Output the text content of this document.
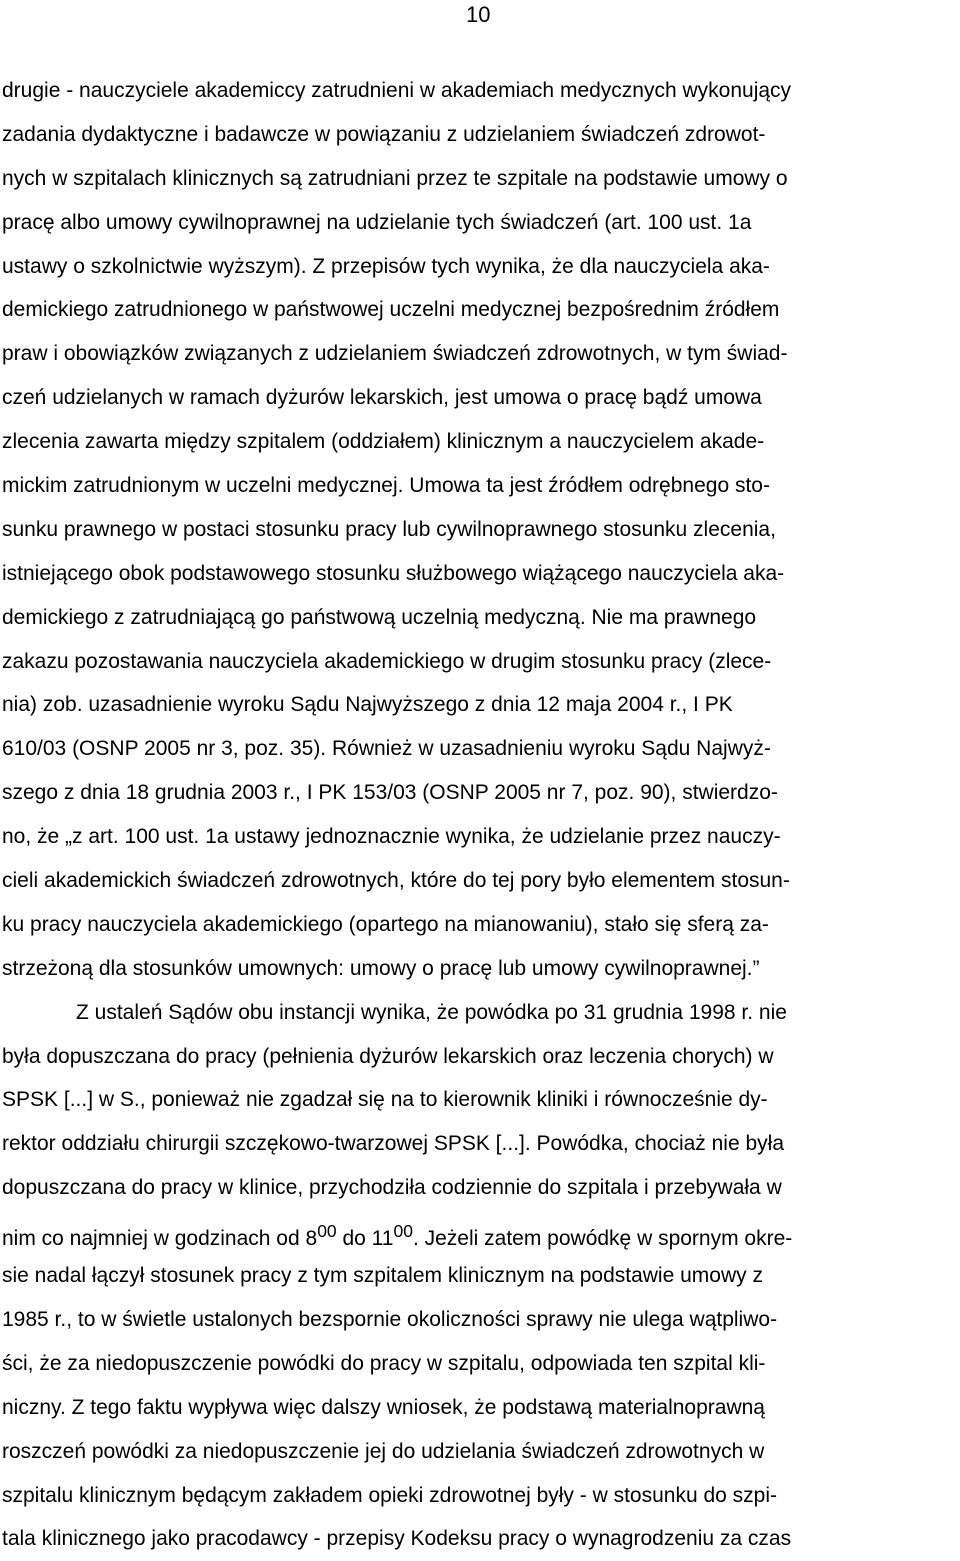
10
drugie - nauczyciele akademiccy zatrudnieni w akademiach medycznych wykonujący
zadania dydaktyczne i badawcze w powiązaniu z udzielaniem świadczeń zdrowot-
nych w szpitalach klinicznych są zatrudniani przez te szpitale na podstawie umowy o
pracę albo umowy cywilnoprawnej na udzielanie tych świadczeń (art. 100 ust. 1a
ustawy o szkolnictwie wyższym). Z przepisów tych wynika, że dla nauczyciela aka-
demickiego zatrudnionego w państwowej uczelni medycznej bezpośrednim źródłem
praw i obowiązków związanych z udzielaniem świadczeń zdrowotnych, w tym świad-
czeń udzielanych w ramach dyżurów lekarskich, jest umowa o pracę bądź umowa
zlecenia zawarta między szpitalem (oddziałem) klinicznym a nauczycielem akade-
mickim zatrudnionym w uczelni medycznej. Umowa ta jest źródłem odrębnego sto-
sunku prawnego w postaci stosunku pracy lub cywilnoprawnego stosunku zlecenia,
istniejącego obok podstawowego stosunku służbowego wiążącego nauczyciela aka-
demickiego z zatrudniającą go państwową uczelnią medyczną. Nie ma prawnego
zakazu pozostawania nauczyciela akademickiego w drugim stosunku pracy (zlece-
nia) zob. uzasadnienie wyroku Sądu Najwyższego z dnia 12 maja 2004 r., I PK
610/03 (OSNP 2005 nr 3, poz. 35). Również w uzasadnieniu wyroku Sądu Najwyż-
szego z dnia 18 grudnia 2003 r., I PK 153/03 (OSNP 2005 nr 7, poz. 90), stwierdzo-
no, że „z art. 100 ust. 1a ustawy jednoznacznie wynika, że udzielanie przez nauczy-
cieli akademickich świadczeń zdrowotnych, które do tej pory było elementem stosun-
ku pracy nauczyciela akademickiego (opartego na mianowaniu), stało się sferą za-
strzeżoną dla stosunków umownych: umowy o pracę lub umowy cywilnoprawnej.”
Z ustaleń Sądów obu instancji wynika, że powódka po 31 grudnia 1998 r. nie
była dopuszczana do pracy (pełnienia dyżurów lekarskich oraz leczenia chorych) w
SPSK [...] w S., ponieważ nie zgadzał się na to kierownik kliniki i równocześnie dy-
rektor oddziału chirurgii szczękowo-twarzowej SPSK [...]. Powódka, chociaż nie była
dopuszczana do pracy w klinice, przychodziła codziennie do szpitala i przebywała w
nim co najmniej w godzinach od $8^{00}$ do $11^{00}$. Jeżeli zatem powódkę w spornym okre-
sie nadal łączył stosunek pracy z tym szpitalem klinicznym na podstawie umowy z
1985 r., to w świetle ustalonych bezspornie okoliczności sprawy nie ulega wątpliwo-
ści, że za niedopuszczenie powódki do pracy w szpitalu, odpowiada ten szpital kli-
niczny. Z tego faktu wypływa więc dalszy wniosek, że podstawą materialnoprawną
roszczeń powódki za niedopuszczenie jej do udzielania świadczeń zdrowotnych w
szpitalu klinicznym będącym zakładem opieki zdrowotnej były - w stosunku do szpi-
tala klinicznego jako pracodawcy - przepisy Kodeksu pracy o wynagrodzeniu za czas
